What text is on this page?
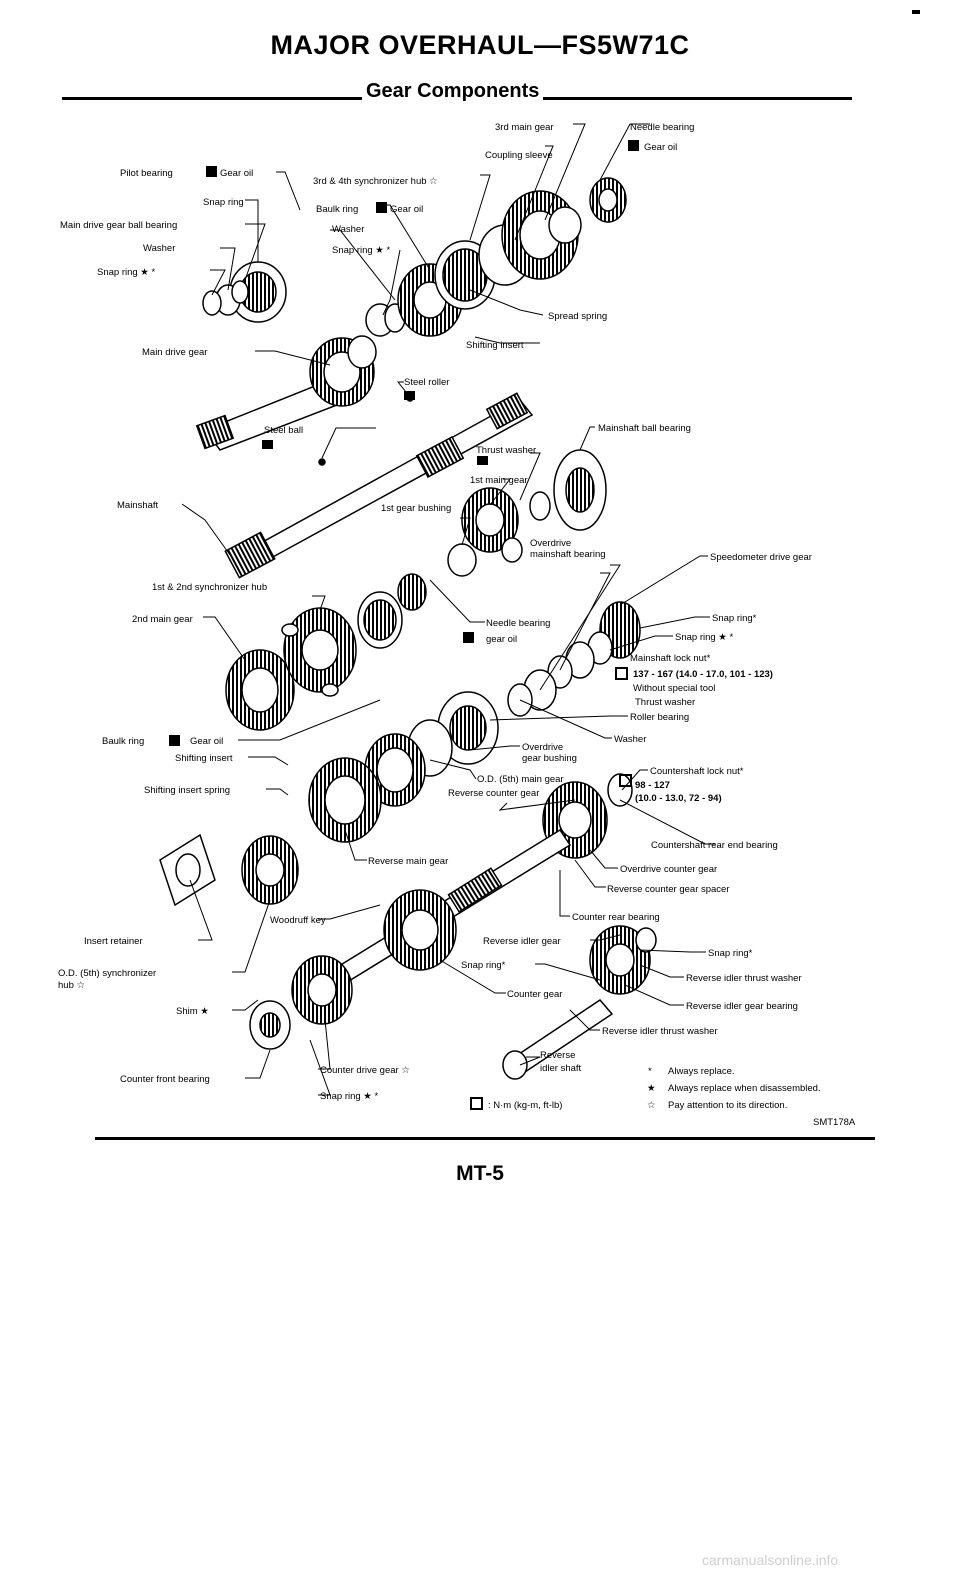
MAJOR OVERHAUL—FS5W71C
Gear Components
3rd main gear	Needle bearing
Gear oil
Coupling sleeve
Pilot bearing	Gear oil
3rd & 4th synchronizer hub ☆
Snap ring
Baulk ring	Gear oil
Main drive gear ball bearing	Washer
Washer	Snap ring ★ *
Snap ring ★ *
Spread spring
Shifting insert
Main drive gear
Steel roller
Mainshaft ball bearing
Steel ball
Thrust washer
1st main gear
Mainshaft	1st gear bushing
Overdrive
mainshaft bearing	Speedometer drive gear
1st & 2nd synchronizer hub
2nd main gear	Snap ring*
Needle bearing
gear oil	Snap ring ★ *
Mainshaft lock nut*
137 - 167 (14.0 - 17.0, 101 - 123)
Without special tool
Thrust washer
Roller bearing
Baulk ring	Gear oil	Washer
Overdrive
gear bushing
Shifting insert
O.D. (5th) main gear
Countershaft lock nut*
98 - 127
(10.0 - 13.0, 72 - 94)
Shifting insert spring	Reverse counter gear
Countershaft rear end bearing
Reverse main gear
Overdrive counter gear
Reverse counter gear spacer
Woodruff key	Counter rear bearing
Insert retainer	Reverse idler gear
Snap ring*
Snap ring*
O.D. (5th) synchronizer
hub ☆
Reverse idler thrust washer
Counter gear
Reverse idler gear bearing
Shim ★
Reverse idler thrust washer
Reverse
idler shaft
Counter drive gear ☆
Counter front bearing
Snap ring ★ *
: N·m (kg-m, ft-lb)
* Always replace.
★ Always replace when disassembled.
☆ Pay attention to its direction.
SMT178A
MT-5
carmanualsonline.info
